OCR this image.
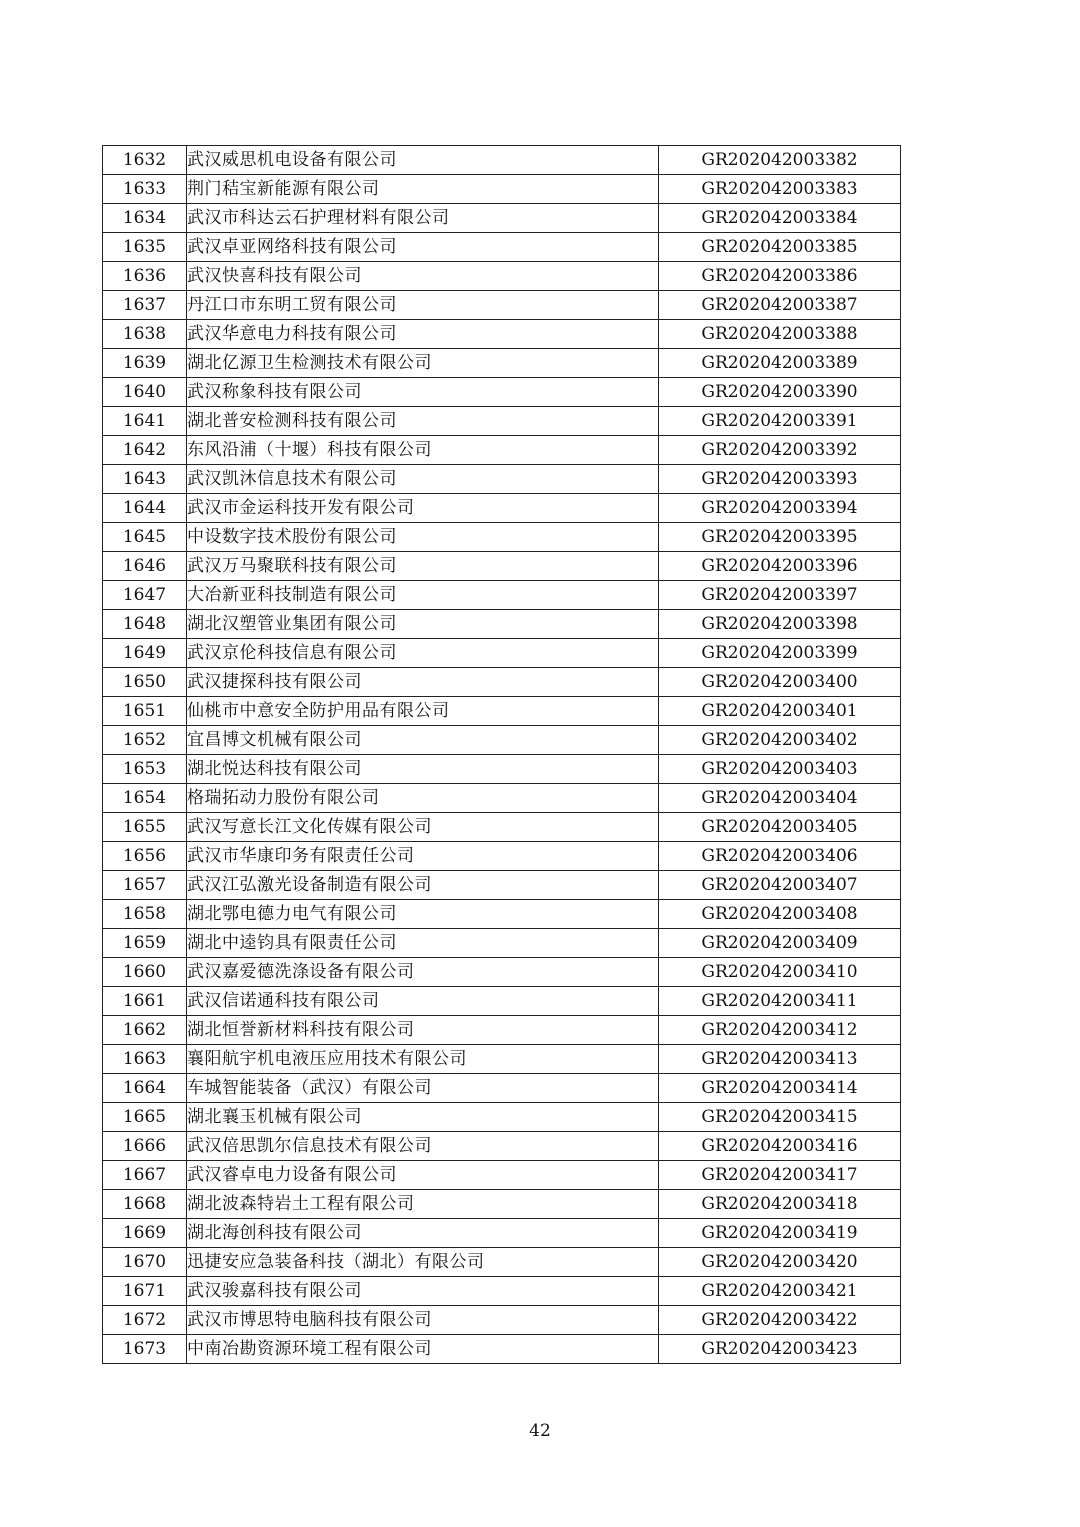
1632	武汉威思机电设备有限公司	GR202042003382
1633	荆门秸宝新能源有限公司	GR202042003383
1634	武汉市科达云石护理材料有限公司	GR202042003384
1635	武汉卓亚网络科技有限公司	GR202042003385
1636	武汉快喜科技有限公司	GR202042003386
1637	丹江口市东明工贸有限公司	GR202042003387
1638	武汉华意电力科技有限公司	GR202042003388
1639	湖北亿源卫生检测技术有限公司	GR202042003389
1640	武汉称象科技有限公司	GR202042003390
1641	湖北普安检测科技有限公司	GR202042003391
1642	东风沿浦（十堰）科技有限公司	GR202042003392
1643	武汉凯沐信息技术有限公司	GR202042003393
1644	武汉市金运科技开发有限公司	GR202042003394
1645	中设数字技术股份有限公司	GR202042003395
1646	武汉万马聚联科技有限公司	GR202042003396
1647	大冶新亚科技制造有限公司	GR202042003397
1648	湖北汉塑管业集团有限公司	GR202042003398
1649	武汉京伦科技信息有限公司	GR202042003399
1650	武汉捷探科技有限公司	GR202042003400
1651	仙桃市中意安全防护用品有限公司	GR202042003401
1652	宜昌博文机械有限公司	GR202042003402
1653	湖北悦达科技有限公司	GR202042003403
1654	格瑞拓动力股份有限公司	GR202042003404
1655	武汉写意长江文化传媒有限公司	GR202042003405
1656	武汉市华康印务有限责任公司	GR202042003406
1657	武汉江弘激光设备制造有限公司	GR202042003407
1658	湖北鄂电德力电气有限公司	GR202042003408
1659	湖北中逵钧具有限责任公司	GR202042003409
1660	武汉嘉爱德洗涤设备有限公司	GR202042003410
1661	武汉信诺通科技有限公司	GR202042003411
1662	湖北恒誉新材料科技有限公司	GR202042003412
1663	襄阳航宇机电液压应用技术有限公司	GR202042003413
1664	车城智能装备（武汉）有限公司	GR202042003414
1665	湖北襄玉机械有限公司	GR202042003415
1666	武汉倍思凯尔信息技术有限公司	GR202042003416
1667	武汉睿卓电力设备有限公司	GR202042003417
1668	湖北波森特岩土工程有限公司	GR202042003418
1669	湖北海创科技有限公司	GR202042003419
1670	迅捷安应急装备科技（湖北）有限公司	GR202042003420
1671	武汉骏嘉科技有限公司	GR202042003421
1672	武汉市博思特电脑科技有限公司	GR202042003422
1673	中南冶勘资源环境工程有限公司	GR202042003423
42
